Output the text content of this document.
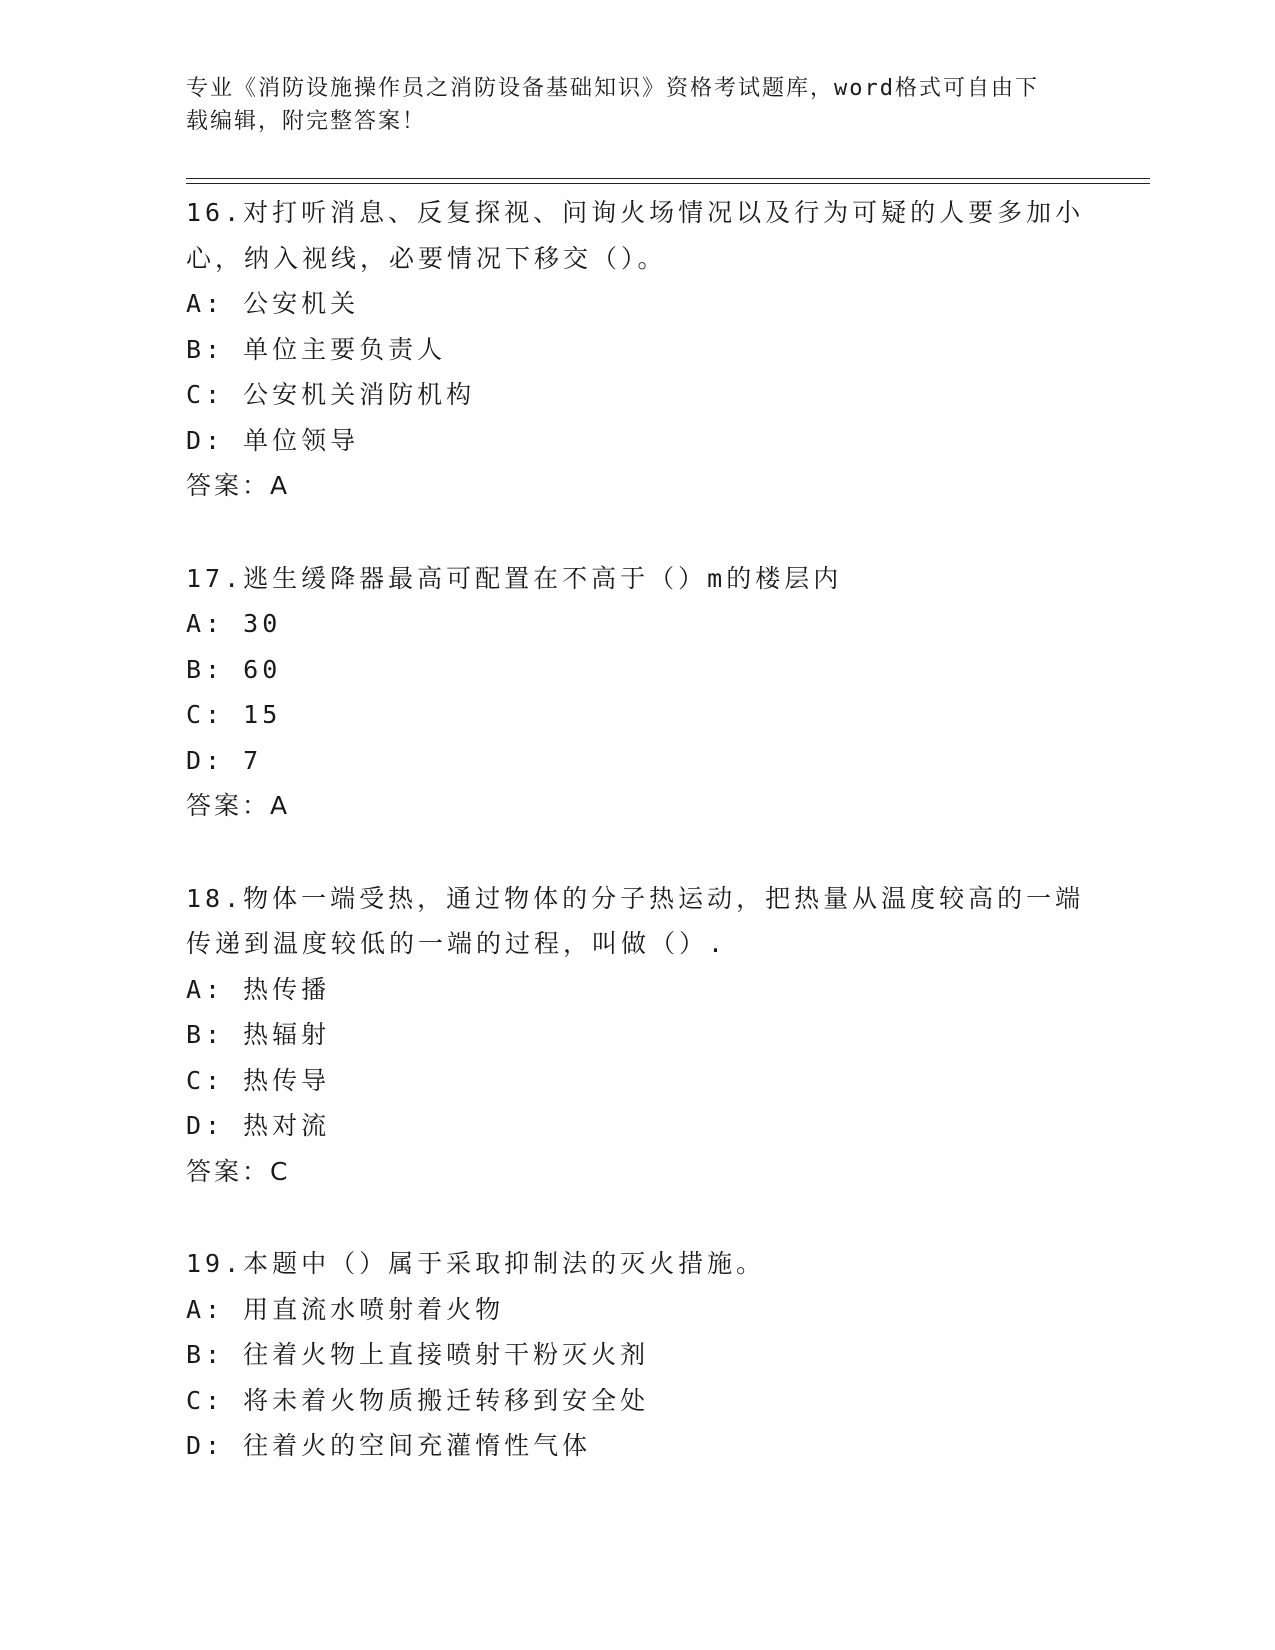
专业《消防设施操作员之消防设备基础知识》资格考试题库，word格式可自由下
载编辑，附完整答案！
16.对打听消息、反复探视、问询火场情况以及行为可疑的人要多加小心，纳入视线，必要情况下移交（）。
A: 公安机关
B: 单位主要负责人
C: 公安机关消防机构
D: 单位领导
答案：A
17.逃生缓降器最高可配置在不高于（）m的楼层内
A: 30
B: 60
C: 15
D: 7
答案：A
18.物体一端受热，通过物体的分子热运动，把热量从温度较高的一端传递到温度较低的一端的过程，叫做（）.
A: 热传播
B: 热辐射
C: 热传导
D: 热对流
答案：C
19.本题中（）属于采取抑制法的灭火措施。
A: 用直流水喷射着火物
B: 往着火物上直接喷射干粉灭火剂
C: 将未着火物质搬迁转移到安全处
D: 往着火的空间充灌惰性气体
